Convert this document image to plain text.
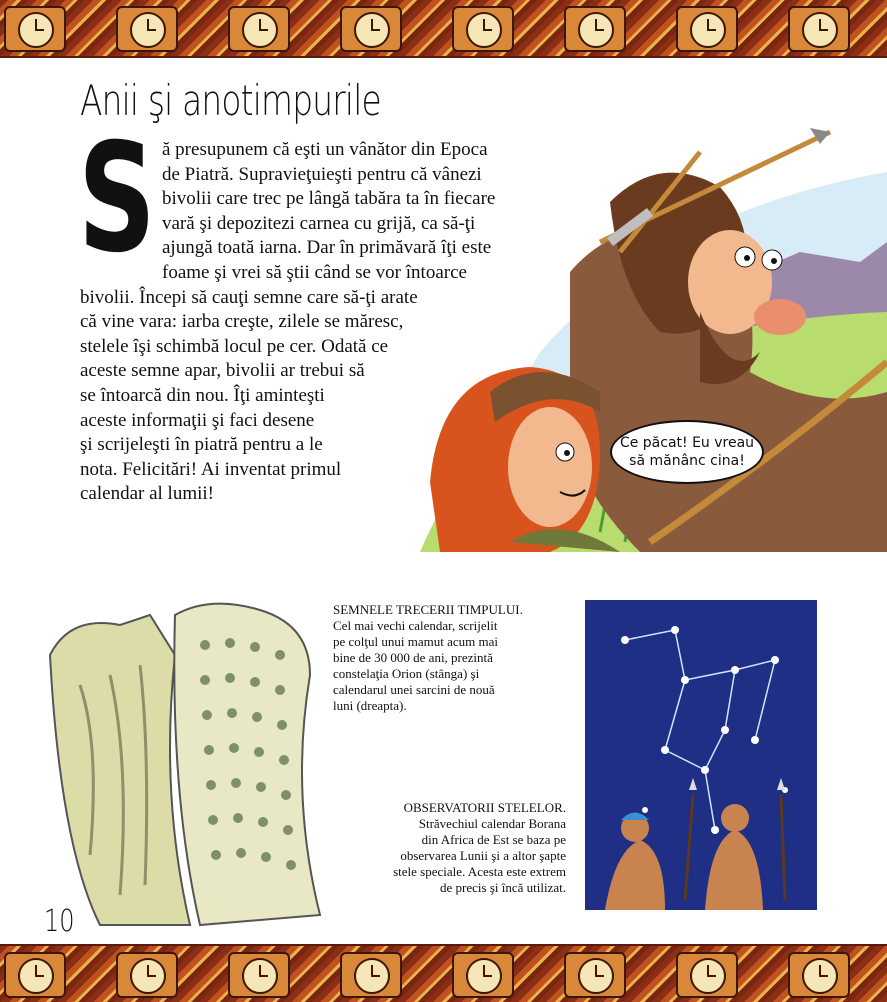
Anii şi anotimpurile
S ă presupunem că eşti un vânător din Epoca
de Piatră. Supravieţuieşti pentru că vânezi
bivolii care trec pe lângă tabăra ta în fiecare
vară şi depozitezi carnea cu grijă, ca să-ţi
ajungă toată iarna. Dar în primăvară îţi este
foame şi vrei să ştii când se vor întoarce
bivolii. Începi să cauţi semne care să-ţi arate
că vine vara: iarba creşte, zilele se măresc,
stelele îşi schimbă locul pe cer. Odată ce
aceste semne apar, bivolii ar trebui să
se întoarcă din nou. Îţi aminteşti
aceste informaţii şi faci desene
şi scrijeleşti în piatră pentru a le
nota. Felicitări! Ai inventat primul
calendar al lumii!
Ce păcat! Eu vreau
să mănânc cina!
SEMNELE TRECERII TIMPULUI.
Cel mai vechi calendar, scrijelit
pe colţul unui mamut acum mai
bine de 30 000 de ani, prezintă
constelaţia Orion (stânga) şi
calendarul unei sarcini de nouă
luni (dreapta).
OBSERVATORII STELELOR.
Străvechiul calendar Borana
din Africa de Est se baza pe
observarea Lunii şi a altor şapte
stele speciale. Acesta este extrem
de precis şi încă utilizat.
10
